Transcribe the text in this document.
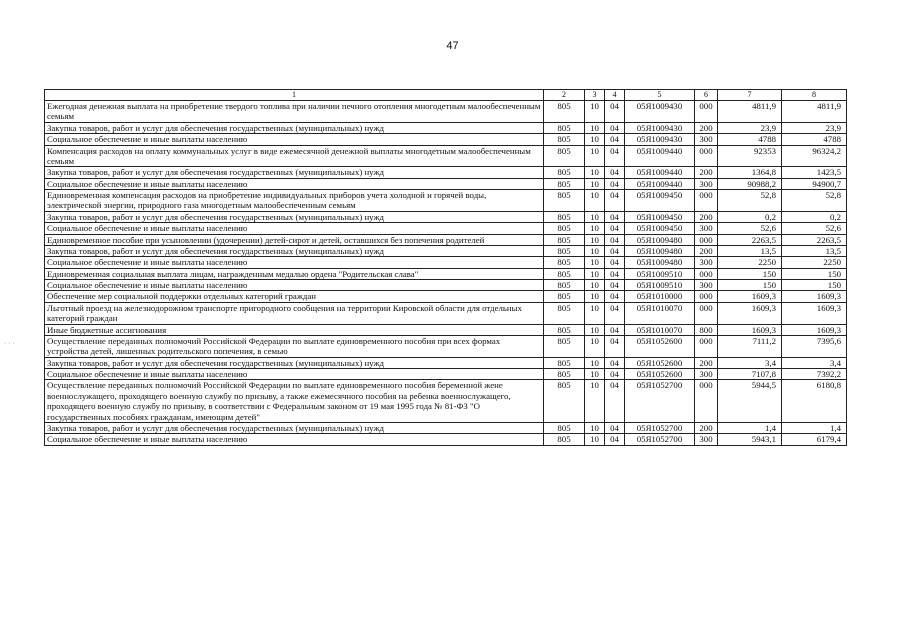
47
· · ·
1	2	3	4	5	6	7	8
Ежегодная денежная выплата на приобретение твердого топлива при наличии печного отопления многодетным малообеспеченным семьям	805	10	04	05Я1009430	000	4811,9	4811,9
Закупка товаров, работ и услуг для обеспечения государственных (муниципальных) нужд	805	10	04	05Я1009430	200	23,9	23,9
Социальное обеспечение и иные выплаты населению	805	10	04	05Я1009430	300	4788	4788
Компенсация расходов на оплату коммунальных услуг в виде ежемесячной денежной выплаты многодетным малообеспеченным семьям	805	10	04	05Я1009440	000	92353	96324,2
Закупка товаров, работ и услуг для обеспечения государственных (муниципальных) нужд	805	10	04	05Я1009440	200	1364,8	1423,5
Социальное обеспечение и иные выплаты населению	805	10	04	05Я1009440	300	90988,2	94900,7
Единовременная компенсация расходов на приобретение индивидуальных приборов учета холодной и горячей воды, электрической энергии, природного газа многодетным малообеспеченным семьям	805	10	04	05Я1009450	000	52,8	52,8
Закупка товаров, работ и услуг для обеспечения государственных (муниципальных) нужд	805	10	04	05Я1009450	200	0,2	0,2
Социальное обеспечение и иные выплаты населению	805	10	04	05Я1009450	300	52,6	52,6
Единовременное пособие при усыновлении (удочерении) детей-сирот и детей, оставшихся без попечения родителей	805	10	04	05Я1009480	000	2263,5	2263,5
Закупка товаров, работ и услуг для обеспечения государственных (муниципальных) нужд	805	10	04	05Я1009480	200	13,5	13,5
Социальное обеспечение и иные выплаты населению	805	10	04	05Я1009480	300	2250	2250
Единовременная социальная выплата лицам, награжденным медалью ордена "Родительская слава"	805	10	04	05Я1009510	000	150	150
Социальное обеспечение и иные выплаты населению	805	10	04	05Я1009510	300	150	150
Обеспечение мер социальной поддержки отдельных категорий граждан	805	10	04	05Я1010000	000	1609,3	1609,3
Льготный проезд на железнодорожном транспорте пригородного сообщения на территории Кировской области для отдельных категорий граждан	805	10	04	05Я1010070	000	1609,3	1609,3
Иные бюджетные ассигнования	805	10	04	05Я1010070	800	1609,3	1609,3
Осуществление переданных полномочий Российской Федерации по выплате единовременного пособия при всех формах устройства детей, лишенных родительского попечения, в семью	805	10	04	05Я1052600	000	7111,2	7395,6
Закупка товаров, работ и услуг для обеспечения государственных (муниципальных) нужд	805	10	04	05Я1052600	200	3,4	3,4
Социальное обеспечение и иные выплаты населению	805	10	04	05Я1052600	300	7107,8	7392,2
Осуществление переданных полномочий Российской Федерации по выплате единовременного пособия беременной жене военнослужащего, проходящего военную службу по призыву, а также ежемесячного пособия на ребенка военнослужащего, проходящего военную службу по призыву, в соответствии с Федеральным законом от 19 мая 1995 года № 81-ФЗ "О государственных пособиях гражданам, имеющим детей"	805	10	04	05Я1052700	000	5944,5	6180,8
Закупка товаров, работ и услуг для обеспечения государственных (муниципальных) нужд	805	10	04	05Я1052700	200	1,4	1,4
Социальное обеспечение и иные выплаты населению	805	10	04	05Я1052700	300	5943,1	6179,4
